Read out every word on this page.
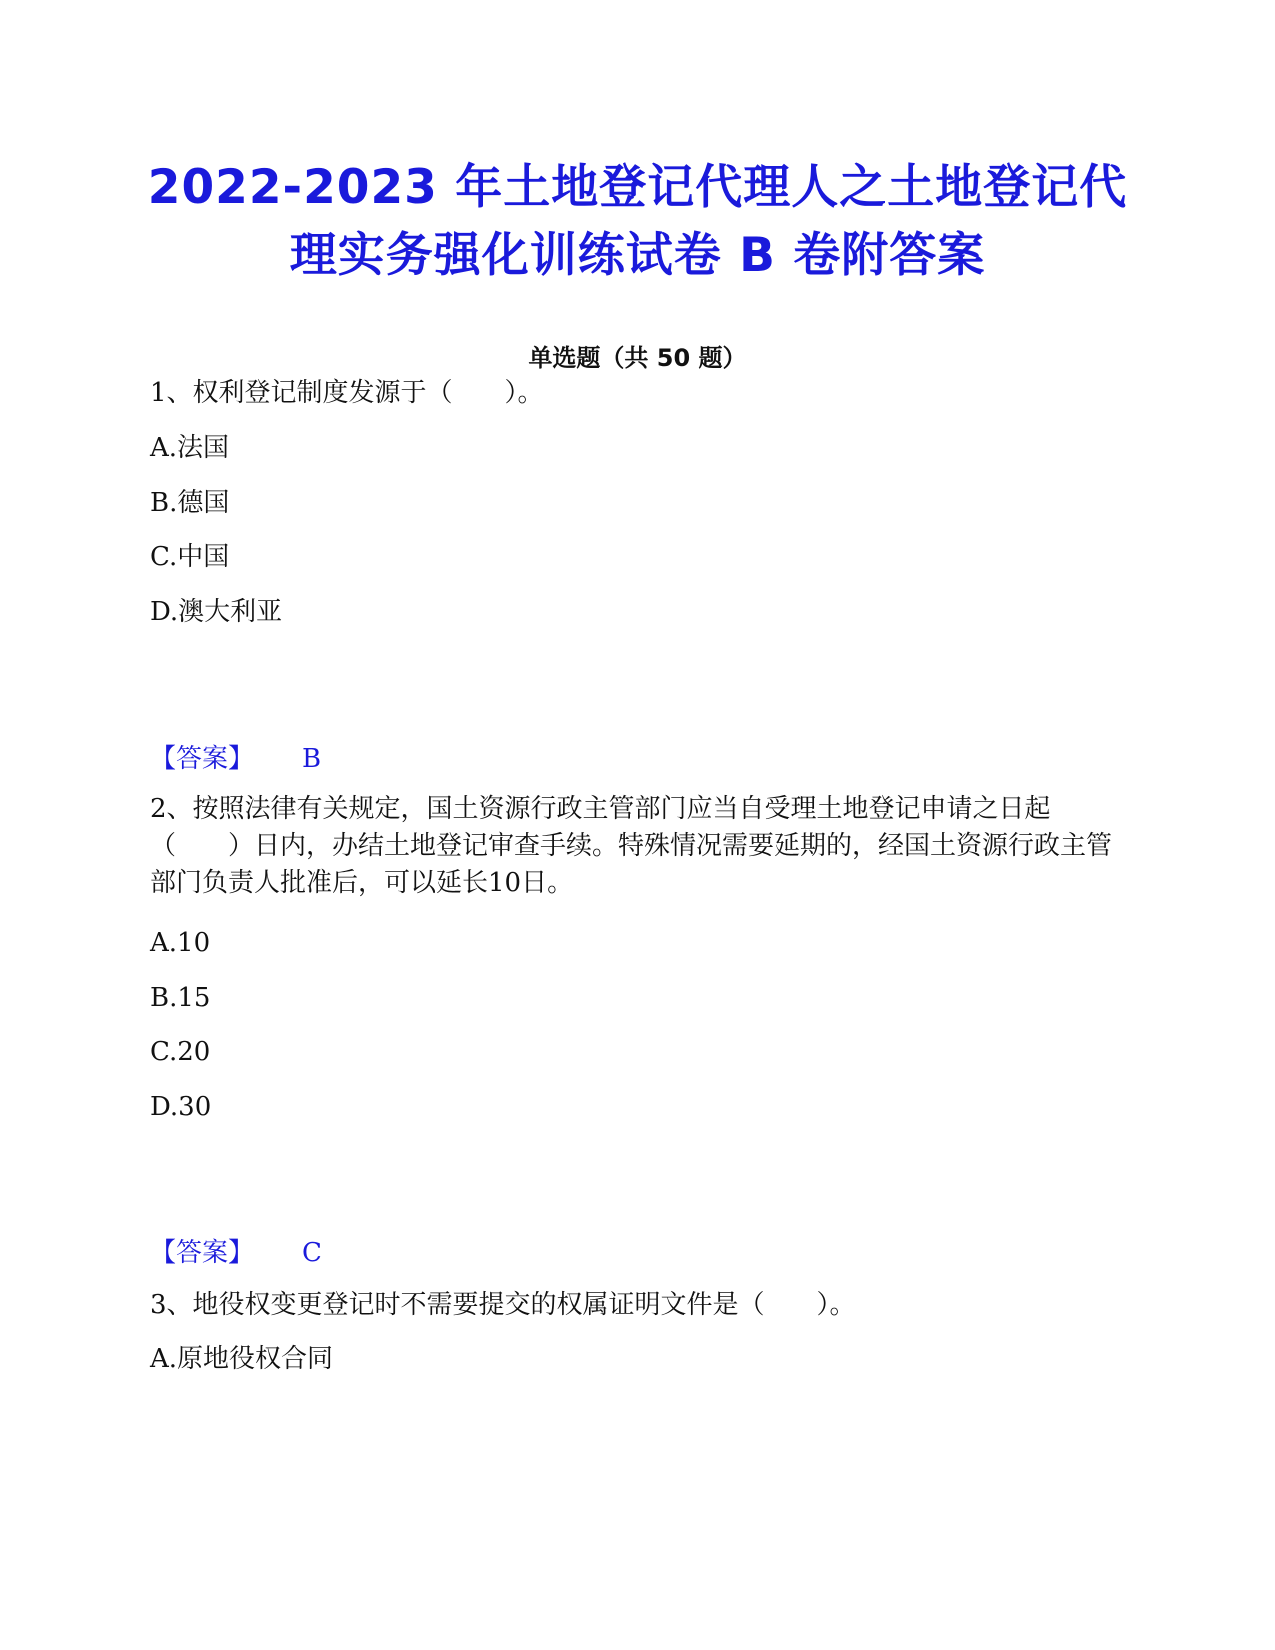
2022-2023 年土地登记代理人之土地登记代
理实务强化训练试卷 B 卷附答案
单选题（共 50 题）
1、权利登记制度发源于（　　）。
A.法国
B.德国
C.中国
D.澳大利亚
【答案】 B
2、按照法律有关规定，国土资源行政主管部门应当自受理土地登记申请之日起（　　）日内，办结土地登记审查手续。特殊情况需要延期的，经国土资源行政主管部门负责人批准后，可以延长10日。
A.10
B.15
C.20
D.30
【答案】 C
3、地役权变更登记时不需要提交的权属证明文件是（　　）。
A.原地役权合同
